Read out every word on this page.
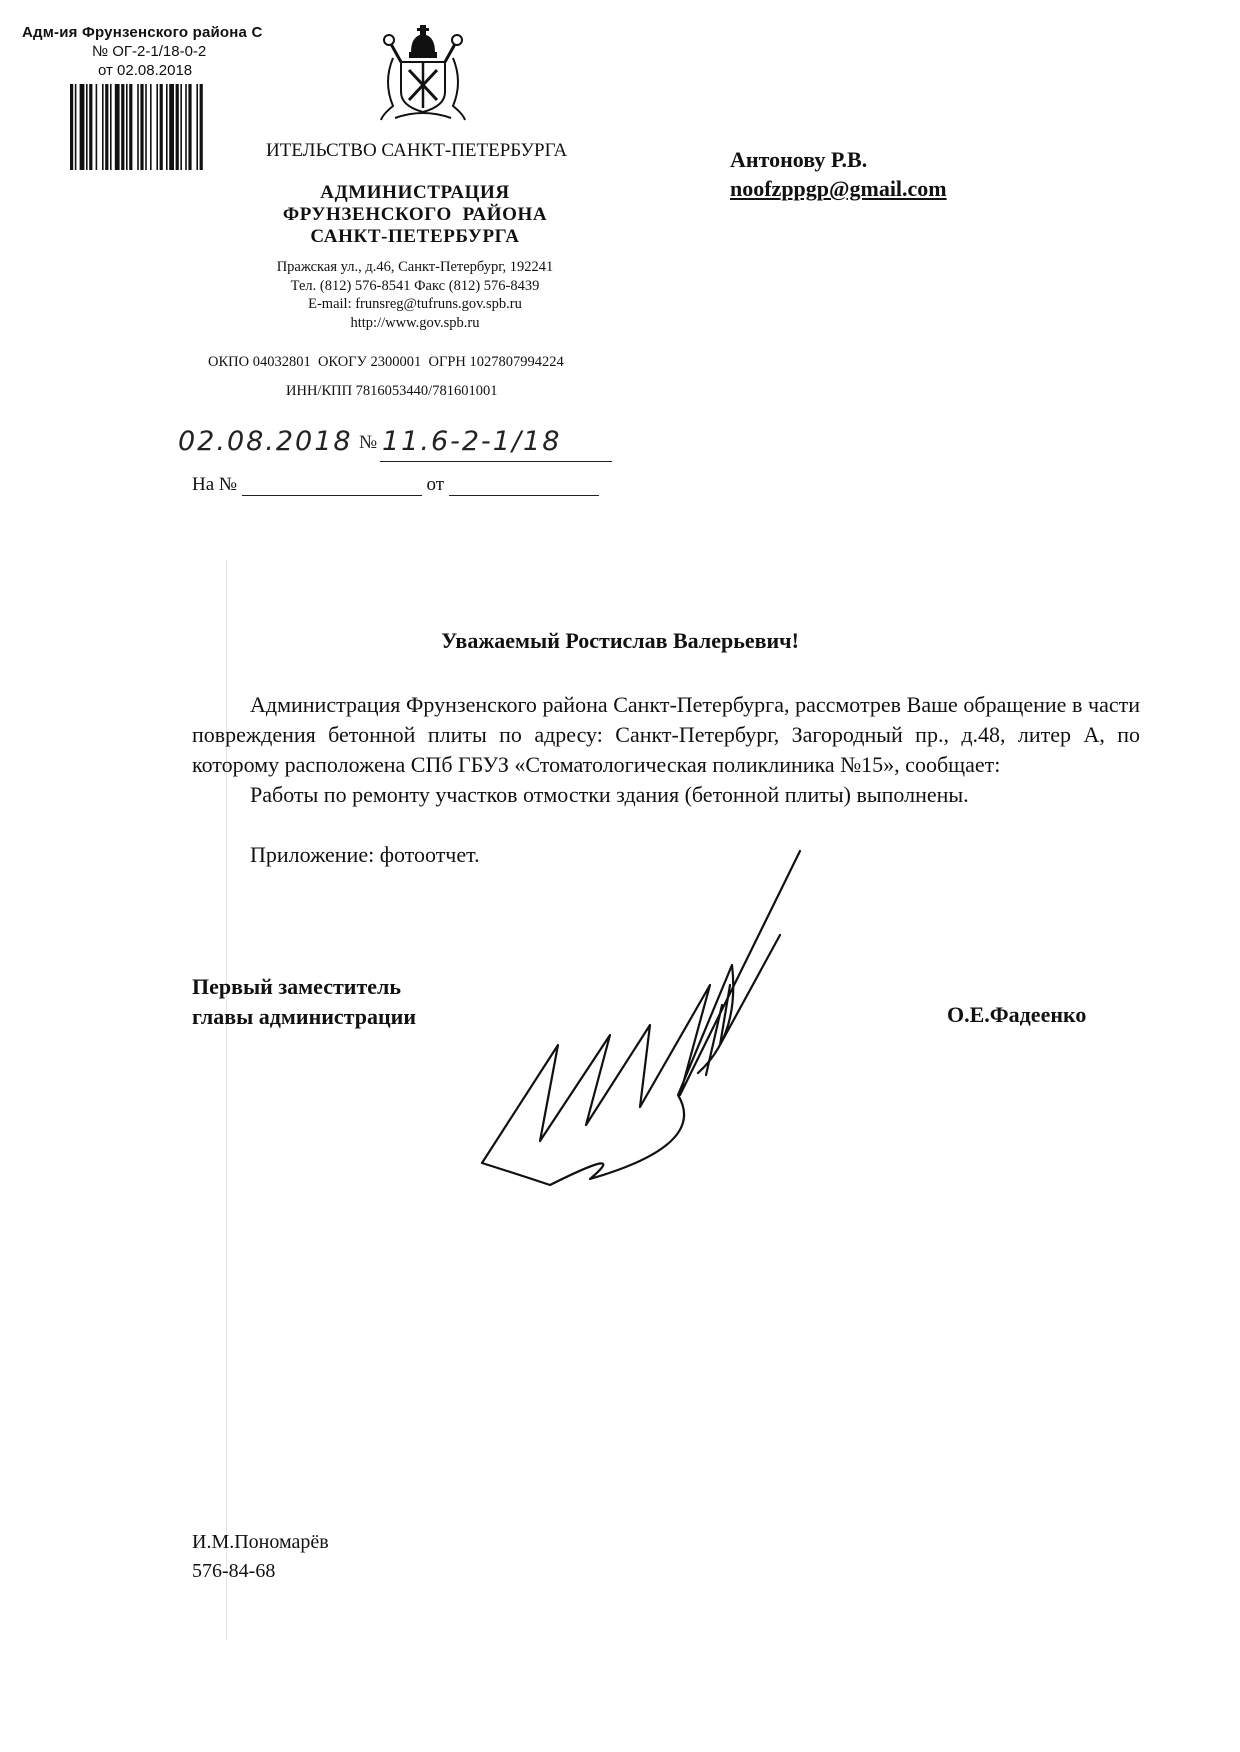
Адм-ия Фрунзенского района С
№ ОГ-2-1/18-0-2
от 02.08.2018
ИТЕЛЬСТВО САНКТ-ПЕТЕРБУРГА
АДМИНИСТРАЦИЯ
ФРУНЗЕНСКОГО  РАЙОНА
САНКТ-ПЕТЕРБУРГА
Пражская ул., д.46, Санкт-Петербург, 192241
Тел. (812) 576-8541 Факс (812) 576-8439
E-mail: frunsreg@tufruns.gov.spb.ru
http://www.gov.spb.ru
ОКПО 04032801  ОКОГУ 2300001  ОГРН 1027807994224
ИНН/КПП 7816053440/781601001
02.08.2018 № 11.6-2-1/18
На №	от
Антонову Р.В.
noofzppgp@gmail.com
Уважаемый Ростислав Валерьевич!

Администрация Фрунзенского района Санкт-Петербурга, рассмотрев Ваше обращение в части повреждения бетонной плиты по адресу: Санкт-Петербург, Загородный пр., д.48, литер А, по которому расположена СПб ГБУЗ «Стоматологическая поликлиника №15», сообщает:

Работы по ремонту участков отмостки здания (бетонной плиты) выполнены.

Приложение: фотоотчет.

Первый заместитель
главы администрации	О.Е.Фадеенко
И.М.Пономарёв
576-84-68
